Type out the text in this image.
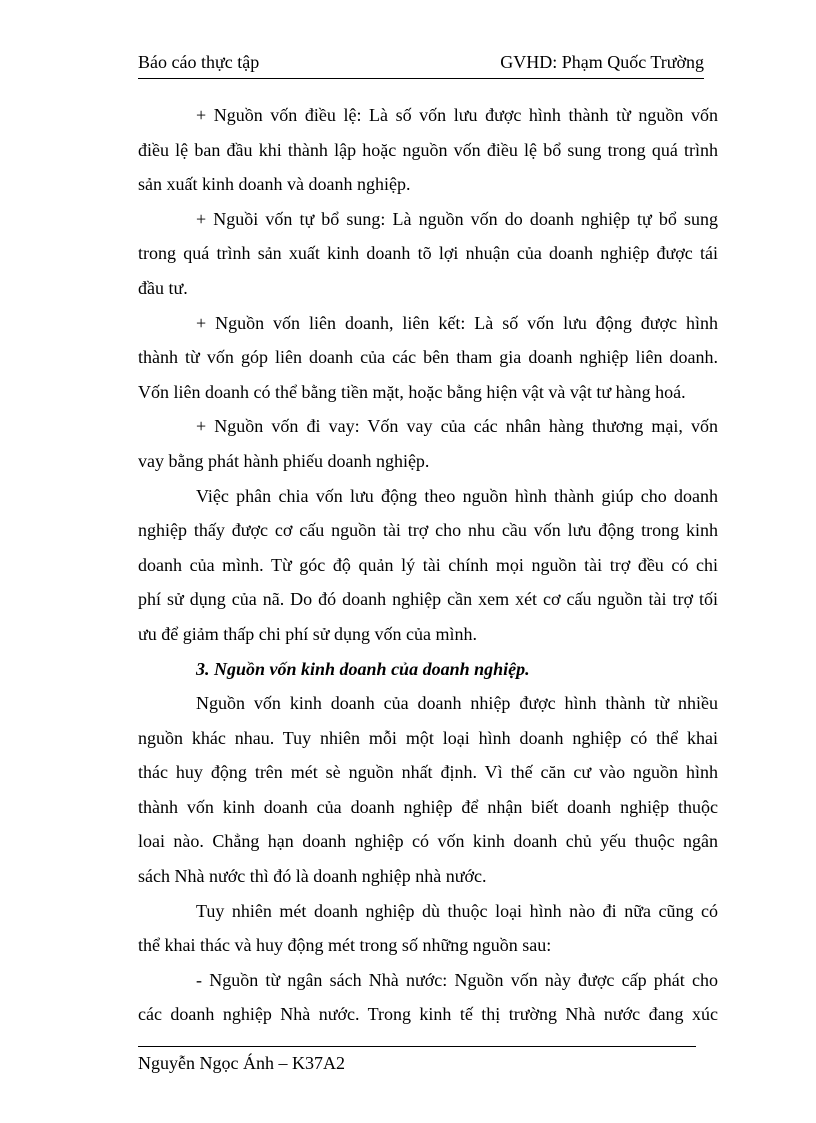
Báo cáo thực tập	GVHD: Phạm Quốc Trường

+ Nguồn vốn điều lệ: Là số vốn lưu được hình thành từ nguồn vốn
điều lệ ban đầu khi thành lập hoặc nguồn vốn điều lệ bổ sung trong quá trình
sản xuất kinh doanh và doanh nghiệp.

+ Nguồi vốn tự bổ sung: Là nguồn vốn do doanh nghiệp tự bổ sung
trong quá trình sản xuất kinh doanh tõ lợi nhuận của doanh nghiệp được tái
đầu tư.

+ Nguồn vốn liên doanh, liên kết: Là số vốn lưu động được hình
thành từ vốn góp liên doanh của các bên tham gia doanh nghiệp liên doanh.
Vốn liên doanh có thể bằng tiền mặt, hoặc bằng hiện vật và vật tư hàng hoá.

+ Nguồn vốn đi vay: Vốn vay của các nhân hàng thương mại, vốn
vay bằng phát hành phiếu doanh nghiệp.

Việc phân chia vốn lưu động theo nguồn hình thành giúp cho doanh
nghiệp thấy được cơ cấu nguồn tài trợ cho nhu cầu vốn lưu động trong kinh
doanh của mình. Từ góc độ quản lý tài chính mọi nguồn tài trợ đều có chi
phí sử dụng của nã. Do đó doanh nghiệp cần xem xét cơ cấu nguồn tài trợ tối
ưu để giảm thấp chi phí sử dụng vốn của mình.

3. Nguồn vốn kinh doanh của doanh nghiệp.

Nguồn vốn kinh doanh của doanh nhiệp được hình thành từ nhiều
nguồn khác nhau. Tuy nhiên mỗi một loại hình doanh nghiệp có thể khai
thác huy động trên mét sè nguồn nhất định. Vì thế căn cư vào nguồn hình
thành vốn kinh doanh của doanh nghiệp để nhận biết doanh nghiệp thuộc
loai nào. Chẳng hạn doanh nghiệp có vốn kinh doanh chủ yếu thuộc ngân
sách Nhà nước thì đó là doanh nghiệp nhà nước.

Tuy nhiên mét doanh nghiệp dù thuộc loại hình nào đi nữa cũng có
thể khai thác và huy động mét trong số những nguồn sau:

- Nguồn từ ngân sách Nhà nước: Nguồn vốn này được cấp phát cho
các doanh nghiệp Nhà nước. Trong kinh tế thị trường Nhà nước đang xúc

Nguyễn Ngọc Ánh – K37A2
